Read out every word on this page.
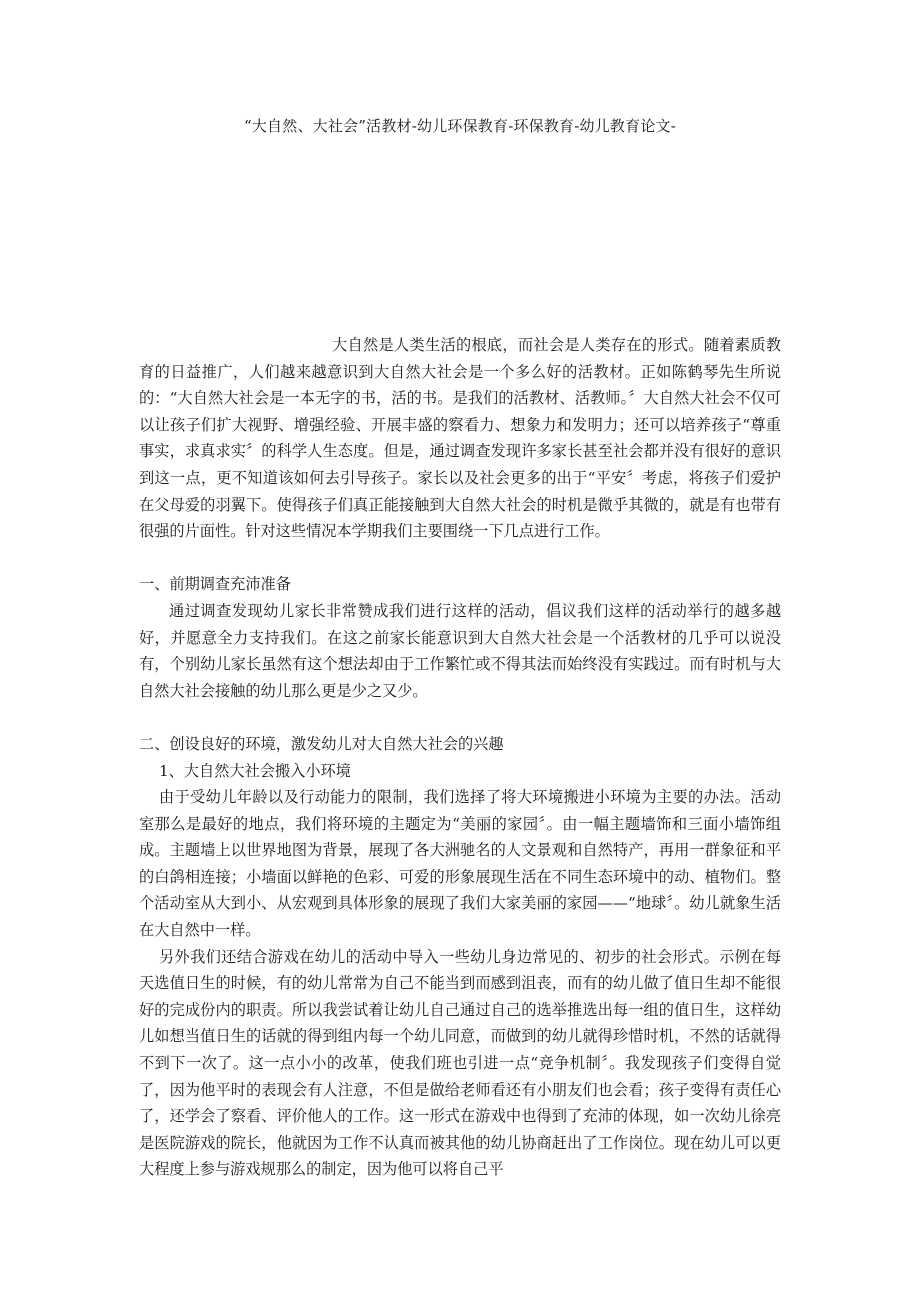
“大自然、大社会”活教材-幼儿环保教育-环保教育-幼儿教育论文-

大自然是人类生活的根底，而社会是人类存在的形式。随着素质教育的日益推广，人们越来越意识到大自然大社会是一个多么好的活教材。正如陈鹤琴先生所说的：“大自然大社会是一本无字的书，活的书。是我们的活教材、活教师。〞大自然大社会不仅可以让孩子们扩大视野、增强经验、开展丰盛的察看力、想象力和发明力；还可以培养孩子“尊重事实，求真求实〞的科学人生态度。但是，通过调查发现许多家长甚至社会都并没有很好的意识到这一点，更不知道该如何去引导孩子。家长以及社会更多的出于“平安〞考虑，将孩子们爱护在父母爱的羽翼下。使得孩子们真正能接触到大自然大社会的时机是微乎其微的，就是有也带有很强的片面性。针对这些情况本学期我们主要围绕一下几点进行工作。

一、前期调查充沛准备

通过调查发现幼儿家长非常赞成我们进行这样的活动，倡议我们这样的活动举行的越多越好，并愿意全力支持我们。在这之前家长能意识到大自然大社会是一个活教材的几乎可以说没有，个别幼儿家长虽然有这个想法却由于工作繁忙或不得其法而始终没有实践过。而有时机与大自然大社会接触的幼儿那么更是少之又少。

二、创设良好的环境，激发幼儿对大自然大社会的兴趣

1、大自然大社会搬入小环境

由于受幼儿年龄以及行动能力的限制，我们选择了将大环境搬进小环境为主要的办法。活动室那么是最好的地点，我们将环境的主题定为“美丽的家园〞。由一幅主题墙饰和三面小墙饰组成。主题墙上以世界地图为背景，展现了各大洲驰名的人文景观和自然特产，再用一群象征和平的白鸽相连接；小墙面以鲜艳的色彩、可爱的形象展现生活在不同生态环境中的动、植物们。整个活动室从大到小、从宏观到具体形象的展现了我们大家美丽的家园——“地球〞。幼儿就象生活在大自然中一样。

另外我们还结合游戏在幼儿的活动中导入一些幼儿身边常见的、初步的社会形式。示例在每天选值日生的时候，有的幼儿常常为自己不能当到而感到沮丧，而有的幼儿做了值日生却不能很好的完成份内的职责。所以我尝试着让幼儿自己通过自己的选举推选出每一组的值日生，这样幼儿如想当值日生的话就的得到组内每一个幼儿同意，而做到的幼儿就得珍惜时机，不然的话就得不到下一次了。这一点小小的改革，使我们班也引进一点“竞争机制〞。我发现孩子们变得自觉了，因为他平时的表现会有人注意，不但是做给老师看还有小朋友们也会看；孩子变得有责任心了，还学会了察看、评价他人的工作。这一形式在游戏中也得到了充沛的体现，如一次幼儿徐亮是医院游戏的院长，他就因为工作不认真而被其他的幼儿协商赶出了工作岗位。现在幼儿可以更大程度上参与游戏规那么的制定，因为他可以将自己平
